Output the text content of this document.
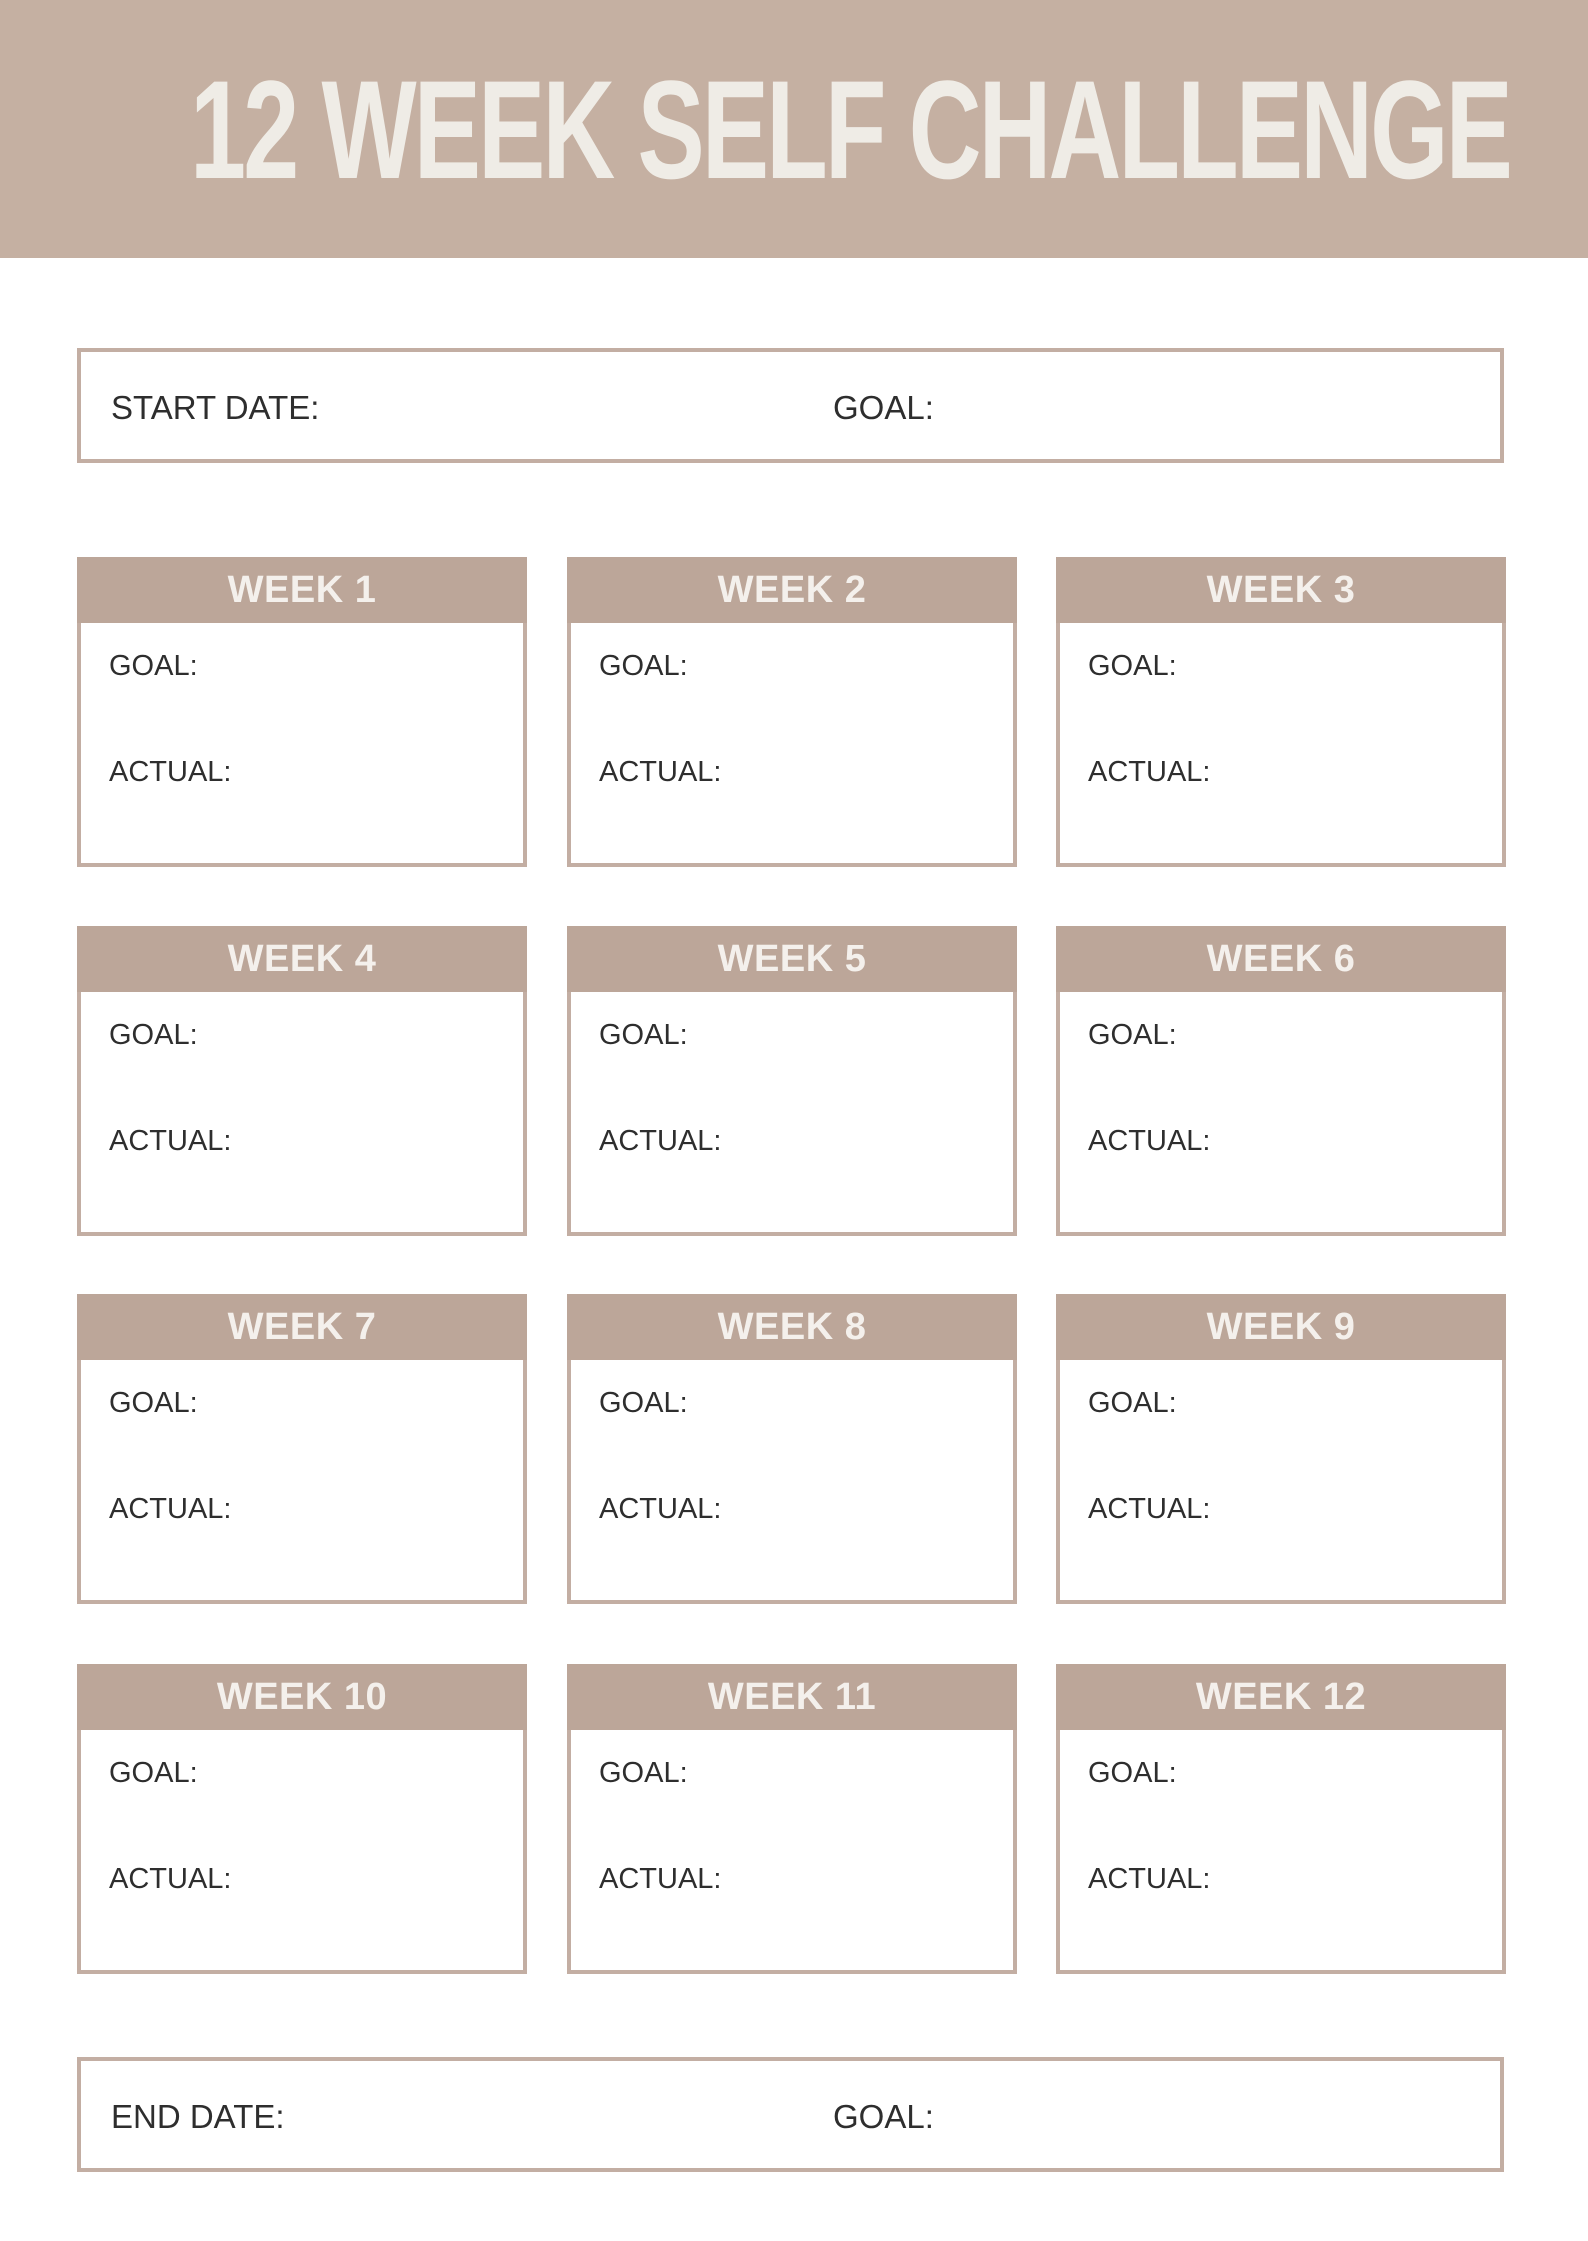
12 WEEK SELF CHALLENGE
START DATE:	GOAL:
WEEK 1
GOAL:
ACTUAL:
WEEK 2
GOAL:
ACTUAL:
WEEK 3
GOAL:
ACTUAL:
WEEK 4
GOAL:
ACTUAL:
WEEK 5
GOAL:
ACTUAL:
WEEK 6
GOAL:
ACTUAL:
WEEK 7
GOAL:
ACTUAL:
WEEK 8
GOAL:
ACTUAL:
WEEK 9
GOAL:
ACTUAL:
WEEK 10
GOAL:
ACTUAL:
WEEK 11
GOAL:
ACTUAL:
WEEK 12
GOAL:
ACTUAL:
END DATE:	GOAL:
